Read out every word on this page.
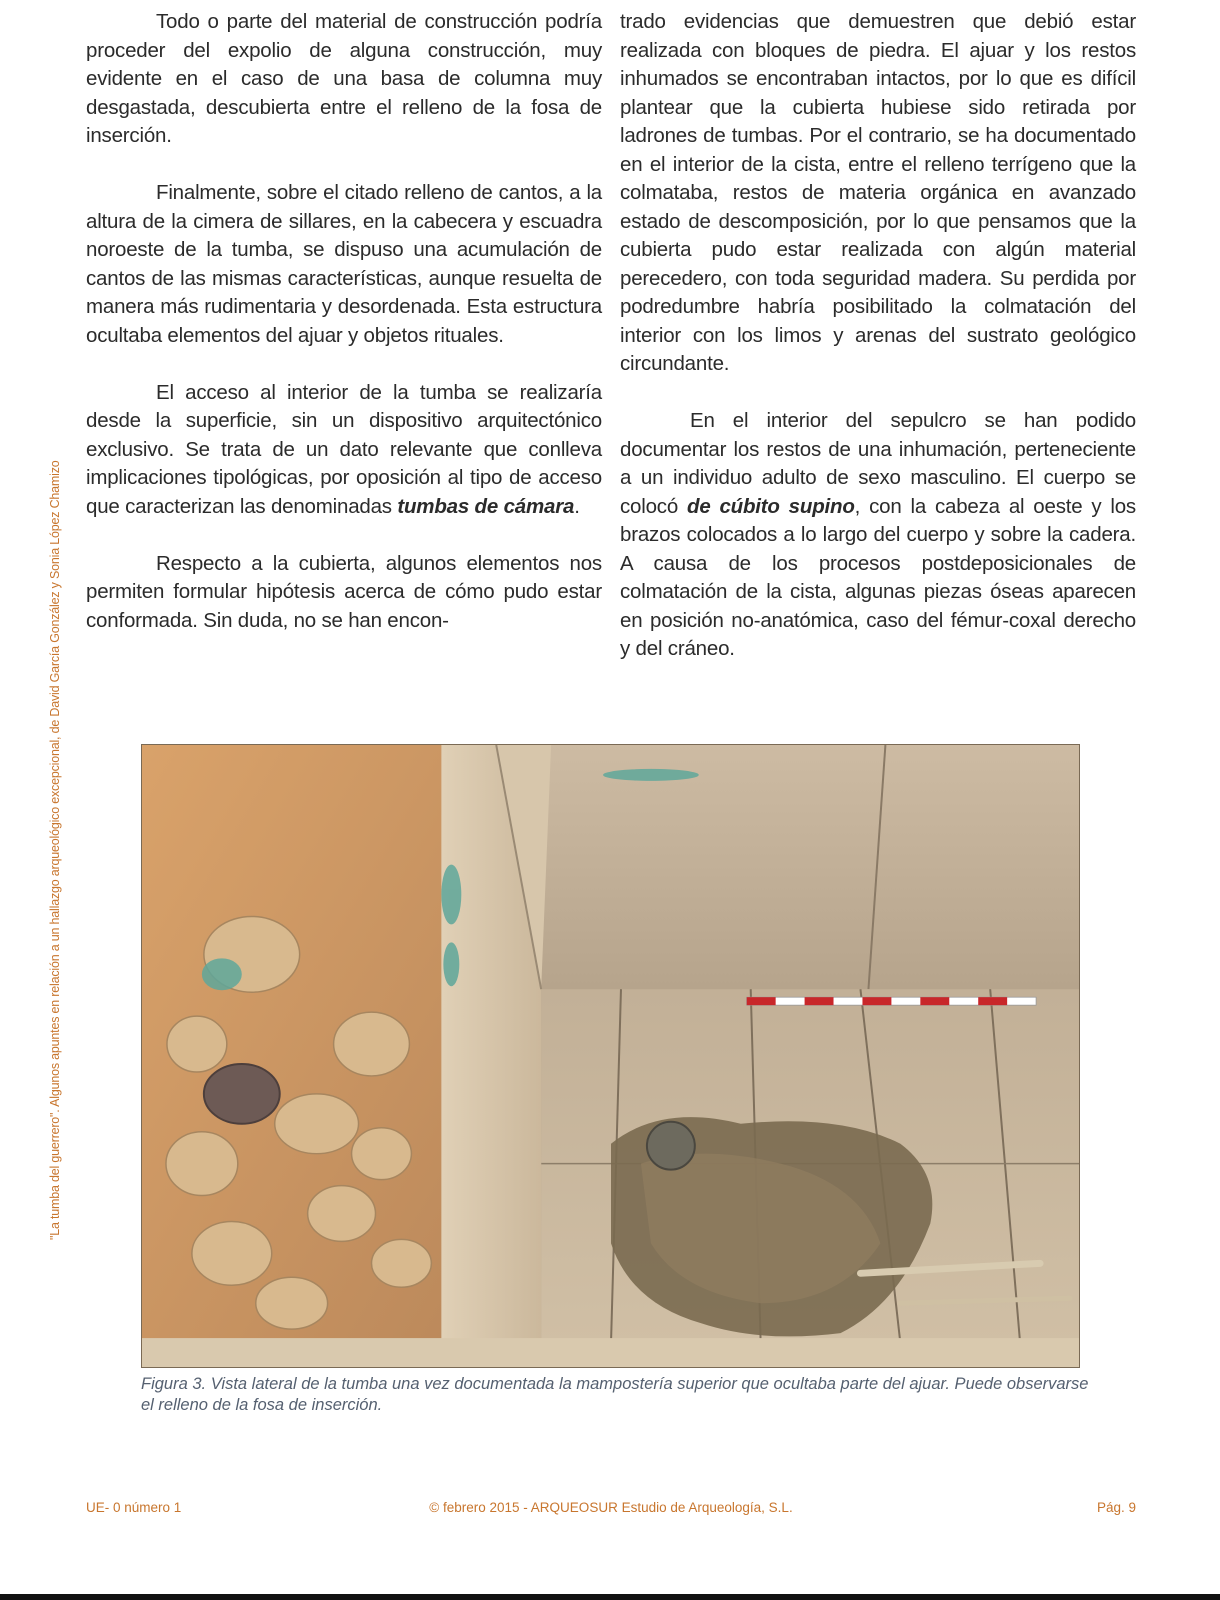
"La tumba del guerrero". Algunos apuntes en relación a un hallazgo arqueológico excepcional, de David García González y Sonia López Chamizo

Todo o parte del material de construcción podría proceder del expolio de alguna construcción, muy evidente en el caso de una basa de columna muy desgastada, descubierta entre el relleno de la fosa de inserción.

Finalmente, sobre el citado relleno de cantos, a la altura de la cimera de sillares, en la cabecera y escuadra noroeste de la tumba, se dispuso una acumulación de cantos de las mismas características, aunque resuelta de manera más rudimentaria y desordenada. Esta estructura ocultaba elementos del ajuar y objetos rituales.

El acceso al interior de la tumba se realizaría desde la superficie, sin un dispositivo arquitectónico exclusivo. Se trata de un dato relevante que conlleva implicaciones tipológicas, por oposición al tipo de acceso que caracterizan las denominadas tumbas de cámara.

Respecto a la cubierta, algunos elementos nos permiten formular hipótesis acerca de cómo pudo estar conformada. Sin duda, no se han encon-

trado evidencias que demuestren que debió estar realizada con bloques de piedra. El ajuar y los restos inhumados se encontraban intactos, por lo que es difícil plantear que la cubierta hubiese sido retirada por ladrones de tumbas. Por el contrario, se ha documentado en el interior de la cista, entre el relleno terrígeno que la colmataba, restos de materia orgánica en avanzado estado de descomposición, por lo que pensamos que la cubierta pudo estar realizada con algún material perecedero, con toda seguridad madera. Su perdida por podredumbre habría posibilitado la colmatación del interior con los limos y arenas del sustrato geológico circundante.

En el interior del sepulcro se han podido documentar los restos de una inhumación, perteneciente a un individuo adulto de sexo masculino. El cuerpo se colocó de cúbito supino, con la cabeza al oeste y los brazos colocados a lo largo del cuerpo y sobre la cadera. A causa de los procesos postdeposicionales de colmatación de la cista, algunas piezas óseas aparecen en posición no-anatómica, caso del fémur-coxal derecho y del cráneo.

Figura 3. Vista lateral de la tumba una vez documentada la mampostería superior que ocultaba parte del ajuar. Puede observarse el relleno de la fosa de inserción.
UE- 0 número 1	© febrero 2015 - ARQUEOSUR Estudio de Arqueología, S.L.	Pág. 9
